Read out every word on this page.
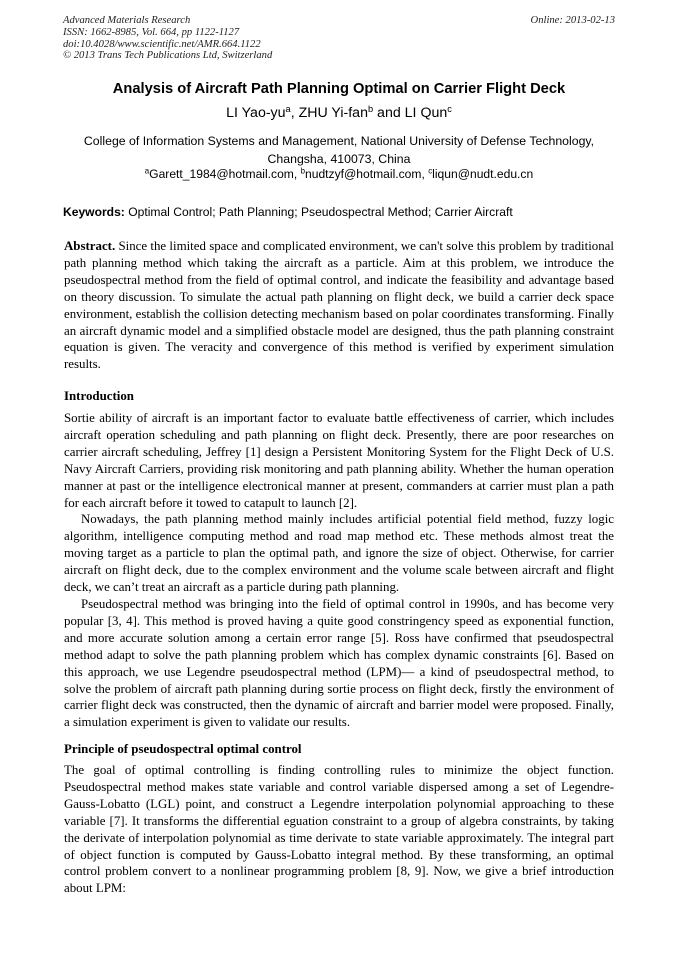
Advanced Materials Research
ISSN: 1662-8985, Vol. 664, pp 1122-1127
doi:10.4028/www.scientific.net/AMR.664.1122
© 2013 Trans Tech Publications Ltd, Switzerland
Online: 2013-02-13
Analysis of Aircraft Path Planning Optimal on Carrier Flight Deck
LI Yao-$yu^a$, ZHU Yi-fan$^b$ and LI Qun$^c$
College of Information Systems and Management, National University of Defense Technology,
Changsha, 410073, China
$^a$Garett_1984@hotmail.com, $^b$nudtzyf@hotmail.com, $^c$liqun@nudt.edu.cn
Keywords: Optimal Control; Path Planning; Pseudospectral Method; Carrier Aircraft

Abstract. Since the limited space and complicated environment, we can't solve this problem by traditional path planning method which taking the aircraft as a particle. Aim at this problem, we introduce the pseudospectral method from the field of optimal control, and indicate the feasibility and advantage based on theory discussion. To simulate the actual path planning on flight deck, we build a carrier deck space environment, establish the collision detecting mechanism based on polar coordinates transforming. Finally an aircraft dynamic model and a simplified obstacle model are designed, thus the path planning constraint equation is given. The veracity and convergence of this method is verified by experiment simulation results.

Introduction

Sortie ability of aircraft is an important factor to evaluate battle effectiveness of carrier, which includes aircraft operation scheduling and path planning on flight deck. Presently, there are poor researches on carrier aircraft scheduling, Jeffrey [1] design a Persistent Monitoring System for the Flight Deck of U.S. Navy Aircraft Carriers, providing risk monitoring and path planning ability. Whether the human operation manner at past or the intelligence electronical manner at present, commanders at carrier must plan a path for each aircraft before it towed to catapult to launch [2].

Nowadays, the path planning method mainly includes artificial potential field method, fuzzy logic algorithm, intelligence computing method and road map method etc. These methods almost treat the moving target as a particle to plan the optimal path, and ignore the size of object. Otherwise, for carrier aircraft on flight deck, due to the complex environment and the volume scale between aircraft and flight deck, we can’t treat an aircraft as a particle during path planning.

Pseudospectral method was bringing into the field of optimal control in 1990s, and has become very popular [3, 4]. This method is proved having a quite good constringency speed as exponential function, and more accurate solution among a certain error range [5]. Ross have confirmed that pseudospectral method adapt to solve the path planning problem which has complex dynamic constraints [6]. Based on this approach, we use Legendre pseudospectral method (LPM)— a kind of pseudospectral method, to solve the problem of aircraft path planning during sortie process on flight deck, firstly the environment of carrier flight deck was constructed, then the dynamic of aircraft and barrier model were proposed. Finally, a simulation experiment is given to validate our results.

Principle of pseudospectral optimal control

The goal of optimal controlling is finding controlling rules to minimize the object function. Pseudospectral method makes state variable and control variable dispersed among a set of Legendre-Gauss-Lobatto (LGL) point, and construct a Legendre interpolation polynomial approaching to these variable [7]. It transforms the differential eguation constraint to a group of algebra constraints, by taking the derivate of interpolation polynomial as time derivate to state variable approximately. The integral part of object function is computed by Gauss-Lobatto integral method. By these transforming, an optimal control problem convert to a nonlinear programming problem [8, 9]. Now, we give a brief introduction about LPM:
